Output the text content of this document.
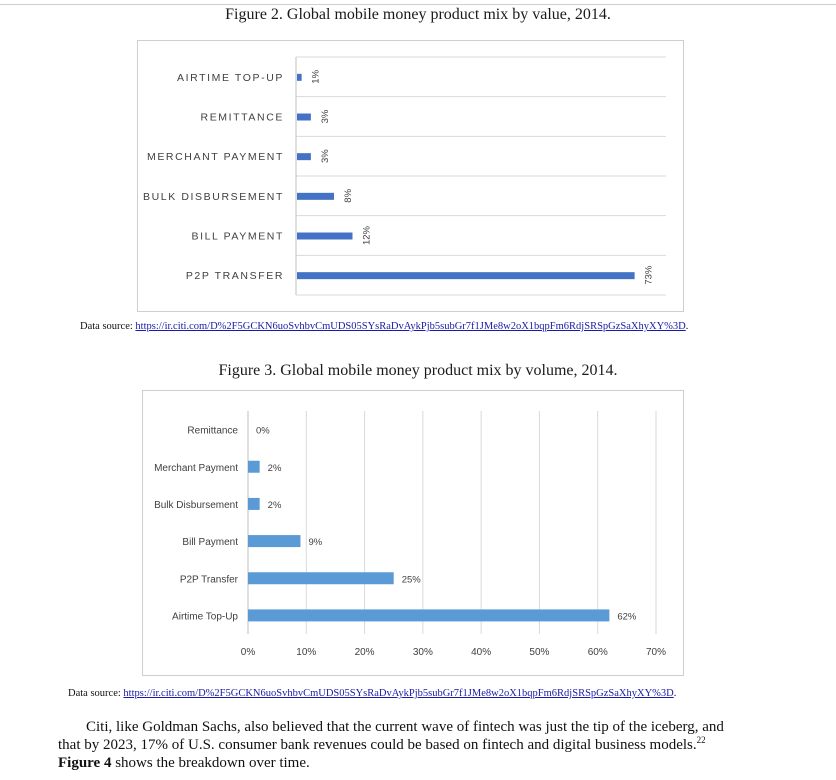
Figure 2. Global mobile money product mix by value, 2014.
AIRTIME TOP-UP	1%
REMITTANCE	3%
MERCHANT PAYMENT	3%
BULK DISBURSEMENT	8%
BILL PAYMENT	12%
P2P TRANSFER	73%
Data source: https://ir.citi.com/D%2F5GCKN6uoSvhbvCmUDS05SYsRaDvAykPjb5subGr7f1JMe8w2oX1bqpFm6RdjSRSpGzSaXhyXY%3D.
Figure 3. Global mobile money product mix by volume, 2014.
0%	10%	20%	30%	40%	50%	60%	70%
Remittance 0%
Merchant Payment	2%
Bulk Disbursement	2%
Bill Payment	9%
P2P Transfer	25%
Airtime Top-Up	62%
Data source: https://ir.citi.com/D%2F5GCKN6uoSvhbvCmUDS05SYsRaDvAykPjb5subGr7f1JMe8w2oX1bqpFm6RdjSRSpGzSaXhyXY%3D.
Citi, like Goldman Sachs, also believed that the current wave of fintech was just the tip of the iceberg, and
that by 2023, 17% of U.S. consumer bank revenues could be based on fintech and digital business models.$^{22}$
Figure 4 shows the breakdown over time.
